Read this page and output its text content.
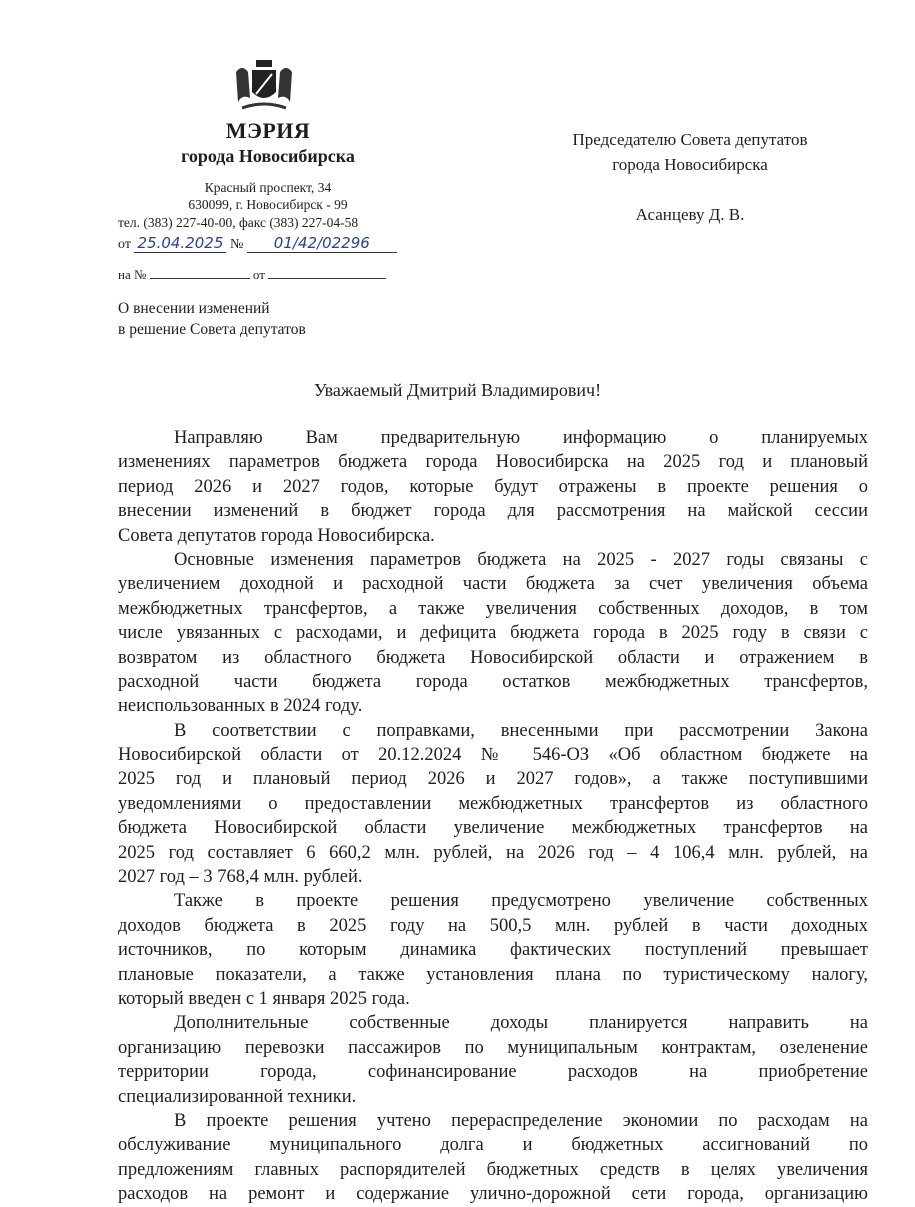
МЭРИЯ
города Новосибирска
Красный проспект, 34
630099, г. Новосибирск - 99
тел. (383) 227-40-00, факс (383) 227-04-58
от 25.04.2025 № 01/42/02296
на №	от
О внесении изменений
в решение Совета депутатов
Председателю Совета депутатов
города Новосибирска
Асанцеву Д. В.
Уважаемый Дмитрий Владимирович!
Направляю Вам предварительную информацию о планируемых
изменениях параметров бюджета города Новосибирска на 2025 год и плановый
период 2026 и 2027 годов, которые будут отражены в проекте решения о
внесении изменений в бюджет города для рассмотрения на майской сессии
Совета депутатов города Новосибирска.
Основные изменения параметров бюджета на 2025 - 2027 годы связаны с
увеличением доходной и расходной части бюджета за счет увеличения объема
межбюджетных трансфертов, а также увеличения собственных доходов, в том
числе увязанных с расходами, и дефицита бюджета города в 2025 году в связи с
возвратом из областного бюджета Новосибирской области и отражением в
расходной части бюджета города остатков межбюджетных трансфертов,
неиспользованных в 2024 году.
В соответствии с поправками, внесенными при рассмотрении Закона
Новосибирской области от 20.12.2024 № 546-ОЗ «Об областном бюджете на
2025 год и плановый период 2026 и 2027 годов», а также поступившими
уведомлениями о предоставлении межбюджетных трансфертов из областного
бюджета Новосибирской области увеличение межбюджетных трансфертов на
2025 год составляет 6 660,2 млн. рублей, на 2026 год – 4 106,4 млн. рублей, на
2027 год – 3 768,4 млн. рублей.
Также в проекте решения предусмотрено увеличение собственных
доходов бюджета в 2025 году на 500,5 млн. рублей в части доходных
источников, по которым динамика фактических поступлений превышает
плановые показатели, а также установления плана по туристическому налогу,
который введен с 1 января 2025 года.
Дополнительные собственные доходы планируется направить на
организацию перевозки пассажиров по муниципальным контрактам, озеленение
территории города, софинансирование расходов на приобретение
специализированной техники.
В проекте решения учтено перераспределение экономии по расходам на
обслуживание муниципального долга и бюджетных ассигнований по
предложениям главных распорядителей бюджетных средств в целях увеличения
расходов на ремонт и содержание улично-дорожной сети города, организацию
